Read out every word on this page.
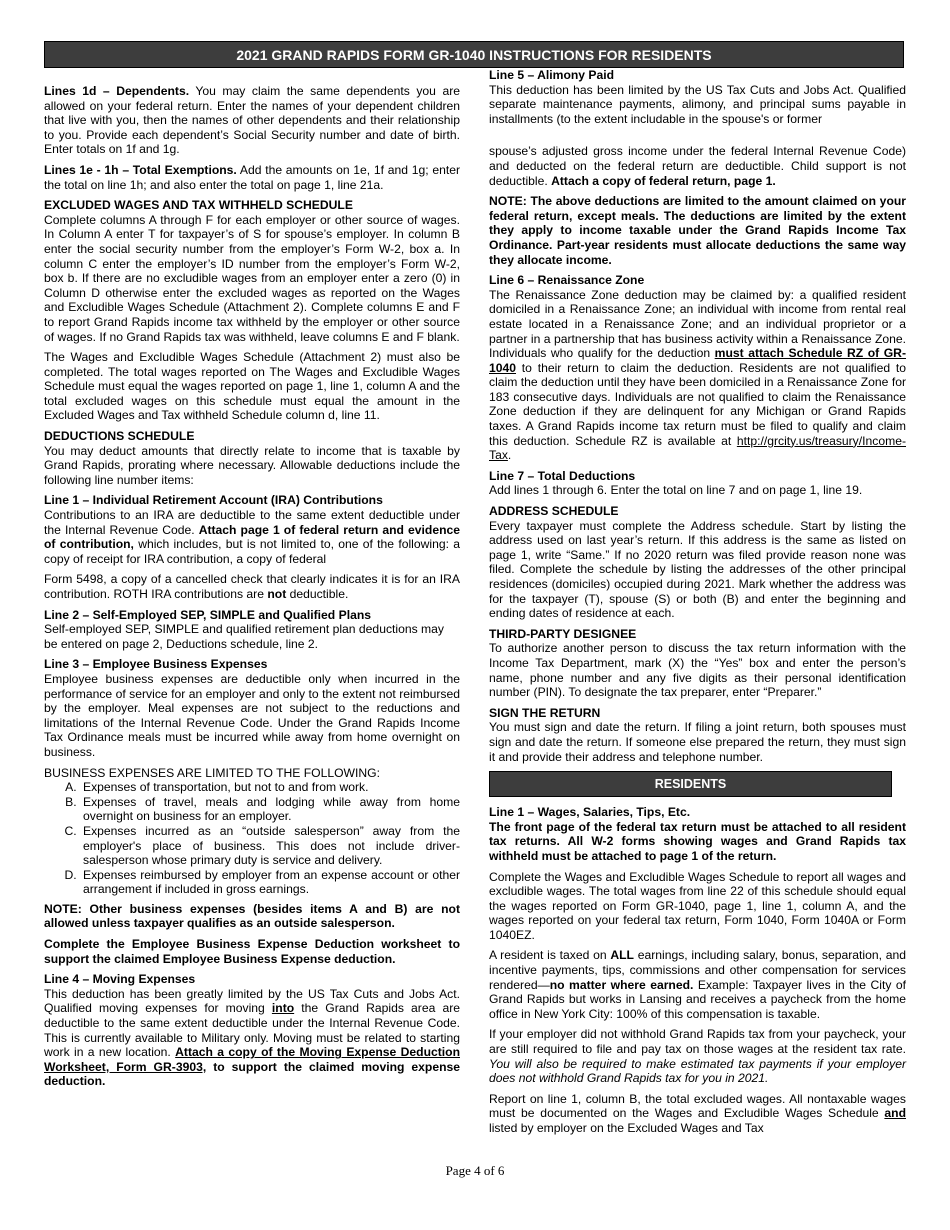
2021 GRAND RAPIDS FORM GR-1040 INSTRUCTIONS FOR RESIDENTS

Lines 1d – Dependents. You may claim the same dependents you are allowed on your federal return. Enter the names of your dependent children that live with you, then the names of other dependents and their relationship to you. Provide each dependent’s Social Security number and date of birth. Enter totals on 1f and 1g.

Lines 1e - 1h – Total Exemptions. Add the amounts on 1e, 1f and 1g; enter the total on line 1h; and also enter the total on page 1, line 21a.

EXCLUDED WAGES AND TAX WITHHELD SCHEDULE

Complete columns A through F for each employer or other source of wages. In Column A enter T for taxpayer’s of S for spouse’s employer. In column B enter the social security number from the employer’s Form W-2, box a. In column C enter the employer’s ID number from the employer’s Form W-2, box b. If there are no excludible wages from an employer enter a zero (0) in Column D otherwise enter the excluded wages as reported on the Wages and Excludible Wages Schedule (Attachment 2). Complete columns E and F to report Grand Rapids income tax withheld by the employer or other source of wages. If no Grand Rapids tax was withheld, leave columns E and F blank.

The Wages and Excludible Wages Schedule (Attachment 2) must also be completed. The total wages reported on The Wages and Excludible Wages Schedule must equal the wages reported on page 1, line 1, column A and the total excluded wages on this schedule must equal the amount in the Excluded Wages and Tax withheld Schedule column d, line 11.

DEDUCTIONS SCHEDULE

You may deduct amounts that directly relate to income that is taxable by Grand Rapids, prorating where necessary. Allowable deductions include the following line number items:

Line 1 – Individual Retirement Account (IRA) Contributions

Contributions to an IRA are deductible to the same extent deductible under the Internal Revenue Code. Attach page 1 of federal return and evidence of contribution, which includes, but is not limited to, one of the following: a copy of receipt for IRA contribution, a copy of federal

Form 5498, a copy of a cancelled check that clearly indicates it is for an IRA contribution. ROTH IRA contributions are not deductible.

Line 2 – Self-Employed SEP, SIMPLE and Qualified Plans

Self-employed SEP, SIMPLE and qualified retirement plan deductions may be entered on page 2, Deductions schedule, line 2.

Line 3 – Employee Business Expenses

Employee business expenses are deductible only when incurred in the performance of service for an employer and only to the extent not reimbursed by the employer. Meal expenses are not subject to the reductions and limitations of the Internal Revenue Code. Under the Grand Rapids Income Tax Ordinance meals must be incurred while away from home overnight on business.

BUSINESS EXPENSES ARE LIMITED TO THE FOLLOWING:
A. Expenses of transportation, but not to and from work.
B. Expenses of travel, meals and lodging while away from home overnight on business for an employer.
C. Expenses incurred as an “outside salesperson” away from the employer's place of business. This does not include driver-salesperson whose primary duty is service and delivery.
D. Expenses reimbursed by employer from an expense account or other arrangement if included in gross earnings.

NOTE: Other business expenses (besides items A and B) are not allowed unless taxpayer qualifies as an outside salesperson.

Complete the Employee Business Expense Deduction worksheet to support the claimed Employee Business Expense deduction.

Line 4 – Moving Expenses

This deduction has been greatly limited by the US Tax Cuts and Jobs Act. Qualified moving expenses for moving into the Grand Rapids area are deductible to the same extent deductible under the Internal Revenue Code. This is currently available to Military only. Moving must be related to starting work in a new location. Attach a copy of the Moving Expense Deduction Worksheet, Form GR-3903, to support the claimed moving expense deduction.

Line 5 – Alimony Paid

This deduction has been limited by the US Tax Cuts and Jobs Act. Qualified separate maintenance payments, alimony, and principal sums payable in installments (to the extent includable in the spouse's or former

spouse’s adjusted gross income under the federal Internal Revenue Code) and deducted on the federal return are deductible. Child support is not deductible. Attach a copy of federal return, page 1.

NOTE: The above deductions are limited to the amount claimed on your federal return, except meals. The deductions are limited by the extent they apply to income taxable under the Grand Rapids Income Tax Ordinance. Part-year residents must allocate deductions the same way they allocate income.

Line 6 – Renaissance Zone

The Renaissance Zone deduction may be claimed by: a qualified resident domiciled in a Renaissance Zone; an individual with income from rental real estate located in a Renaissance Zone; and an individual proprietor or a partner in a partnership that has business activity within a Renaissance Zone. Individuals who qualify for the deduction must attach Schedule RZ of GR-1040 to their return to claim the deduction. Residents are not qualified to claim the deduction until they have been domiciled in a Renaissance Zone for 183 consecutive days. Individuals are not qualified to claim the Renaissance Zone deduction if they are delinquent for any Michigan or Grand Rapids taxes. A Grand Rapids income tax return must be filed to qualify and claim this deduction. Schedule RZ is available at http://grcity.us/treasury/Income-Tax.

Line 7 – Total Deductions

Add lines 1 through 6. Enter the total on line 7 and on page 1, line 19.

ADDRESS SCHEDULE

Every taxpayer must complete the Address schedule. Start by listing the address used on last year’s return. If this address is the same as listed on page 1, write “Same.” If no 2020 return was filed provide reason none was filed. Complete the schedule by listing the addresses of the other principal residences (domiciles) occupied during 2021. Mark whether the address was for the taxpayer (T), spouse (S) or both (B) and enter the beginning and ending dates of residence at each.

THIRD-PARTY DESIGNEE

To authorize another person to discuss the tax return information with the Income Tax Department, mark (X) the “Yes” box and enter the person’s name, phone number and any five digits as their personal identification number (PIN). To designate the tax preparer, enter “Preparer.”

SIGN THE RETURN

You must sign and date the return. If filing a joint return, both spouses must sign and date the return. If someone else prepared the return, they must sign it and provide their address and telephone number.

RESIDENTS
Line 1 – Wages, Salaries, Tips, Etc.

The front page of the federal tax return must be attached to all resident tax returns. All W-2 forms showing wages and Grand Rapids tax withheld must be attached to page 1 of the return.

Complete the Wages and Excludible Wages Schedule to report all wages and excludible wages. The total wages from line 22 of this schedule should equal the wages reported on Form GR-1040, page 1, line 1, column A, and the wages reported on your federal tax return, Form 1040, Form 1040A or Form 1040EZ.

A resident is taxed on ALL earnings, including salary, bonus, separation, and incentive payments, tips, commissions and other compensation for services rendered—no matter where earned. Example: Taxpayer lives in the City of Grand Rapids but works in Lansing and receives a paycheck from the home office in New York City: 100% of this compensation is taxable.

If your employer did not withhold Grand Rapids tax from your paycheck, your are still required to file and pay tax on those wages at the resident tax rate. You will also be required to make estimated tax payments if your employer does not withhold Grand Rapids tax for you in 2021.

Report on line 1, column B, the total excluded wages. All nontaxable wages must be documented on the Wages and Excludible Wages Schedule and listed by employer on the Excluded Wages and Tax

Page 4 of 6
